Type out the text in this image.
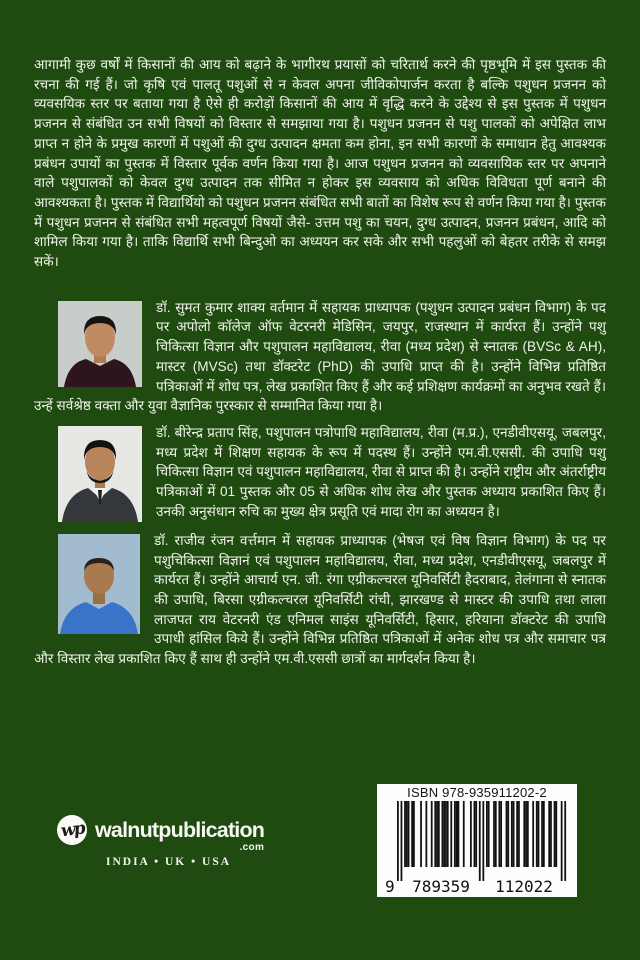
आगामी कुछ वर्षों में किसानों की आय को बढ़ाने के भागीरथ प्रयासों को चरितार्थ करने की पृष्ठभूमि में इस पुस्तक की रचना की गई हैं। जो कृषि एवं पालतू पशुओं से न केवल अपना जीविकोपार्जन करता है बल्कि पशुधन प्रजनन को व्यवसयिक स्तर पर बताया गया है ऐसे ही करोड़ों किसानों की आय में वृद्धि करने के उद्देश्य से इस पुस्तक में पशुधन प्रजनन से संबंधित उन सभी विषयों को विस्तार से समझाया गया है। पशुधन प्रजनन से पशु पालकों को अपेक्षित लाभ प्राप्त न होने के प्रमुख कारणों में पशुओं की दुग्ध उत्पादन क्षमता कम होना, इन सभी कारणों के समाधान हेतु आवश्यक प्रबंधन उपायों का पुस्तक में विस्तार पूर्वक वर्णन किया गया है। आज पशुधन प्रजनन को व्यवसायिक स्तर पर अपनाने वाले पशुपालकों को केवल दुग्ध उत्पादन तक सीमित न होकर इस व्यवसाय को अधिक विविधता पूर्ण बनाने की आवश्यकता है। पुस्तक में विद्यार्थियो को पशुधन प्रजनन संबंधित सभी बातों का विशेष रूप से वर्णन किया गया है। पुस्तक में पशुधन प्रजनन से संबंधित सभी महत्वपूर्ण विषयों जैसे- उत्तम पशु का चयन, दुग्ध उत्पादन, प्रजनन प्रबंधन, आदि को शामिल किया गया है। ताकि विद्यार्थि सभी बिन्दुओ का अध्ययन कर सके और सभी पहलुओं को बेहतर तरीके से समझ सकें।

डॉ. सुमत कुमार शाक्य वर्तमान में सहायक प्राध्यापक (पशुधन उत्पादन प्रबंधन विभाग) के पद पर अपोलो कॉलेज ऑफ वेटरनरी मेडिसिन, जयपुर, राजस्थान में कार्यरत हैं। उन्होंने पशु चिकित्सा विज्ञान और पशुपालन महाविद्यालय, रीवा (मध्य प्रदेश) से स्नातक (BVSc & AH), मास्टर (MVSc) तथा डॉक्टरेट (PhD) की उपाधि प्राप्त की है। उन्होंने विभिन्न प्रतिष्ठित पत्रिकाओं में शोध पत्र, लेख प्रकाशित किए हैं और कई प्रशिक्षण कार्यक्रमों का अनुभव रखते हैं। उन्हें सर्वश्रेष्ठ वक्ता और युवा वैज्ञानिक पुरस्कार से सम्मानित किया गया है।
डॉ. बीरेन्द्र प्रताप सिंह, पशुपालन पत्रोपाधि महाविद्यालय, रीवा (म.प्र.), एनडीवीएसयू, जबलपुर, मध्य प्रदेश में शिक्षण सहायक के रूप में पदस्थ हैं। उन्होंने एम.वी.एससी. की उपाधि पशु चिकित्सा विज्ञान एवं पशुपालन महाविद्यालय, रीवा से प्राप्त की है। उन्होंने राष्ट्रीय और अंतर्राष्ट्रीय पत्रिकाओं में 01 पुस्तक और 05 से अधिक शोध लेख और पुस्तक अध्याय प्रकाशित किए हैं। उनकी अनुसंधान रुचि का मुख्य क्षेत्र प्रसूति एवं मादा रोग का अध्ययन है।
डॉ. राजीव रंजन वर्त्तमान में सहायक प्राध्यापक (भेषज एवं विष विज्ञान विभाग) के पद पर पशुचिकित्सा विज्ञानं एवं पशुपालन महाविद्यालय, रीवा, मध्य प्रदेश, एनडीवीएसयू, जबलपुर में कार्यरत हैं। उन्होंने आचार्य एन. जी. रंगा एग्रीकल्चरल यूनिवर्सिटी हैदराबाद, तेलंगाना से स्नातक की उपाधि, बिरसा एग्रीकल्चरल यूनिवर्सिटी रांची, झारखण्ड से मास्टर की उपाधि तथा लाला लाजपत राय वेटरनरी एंड एनिमल साइंस यूनिवर्सिटी, हिसार, हरियाना डॉक्टरेट की उपाधि उपाधी हांसिल किये हैं। उन्होंने विभिन्न प्रतिष्ठित पत्रिकाओं में अनेक शोध पत्र और समाचार पत्र और विस्तार लेख प्रकाशित किए हैं साथ ही उन्होंने एम.वी.एससी छात्रों का मार्गदर्शन किया है।
wp walnutpublication
.com
INDIA • UK • USA
ISBN 978-935911202-2
9 789359 112022
